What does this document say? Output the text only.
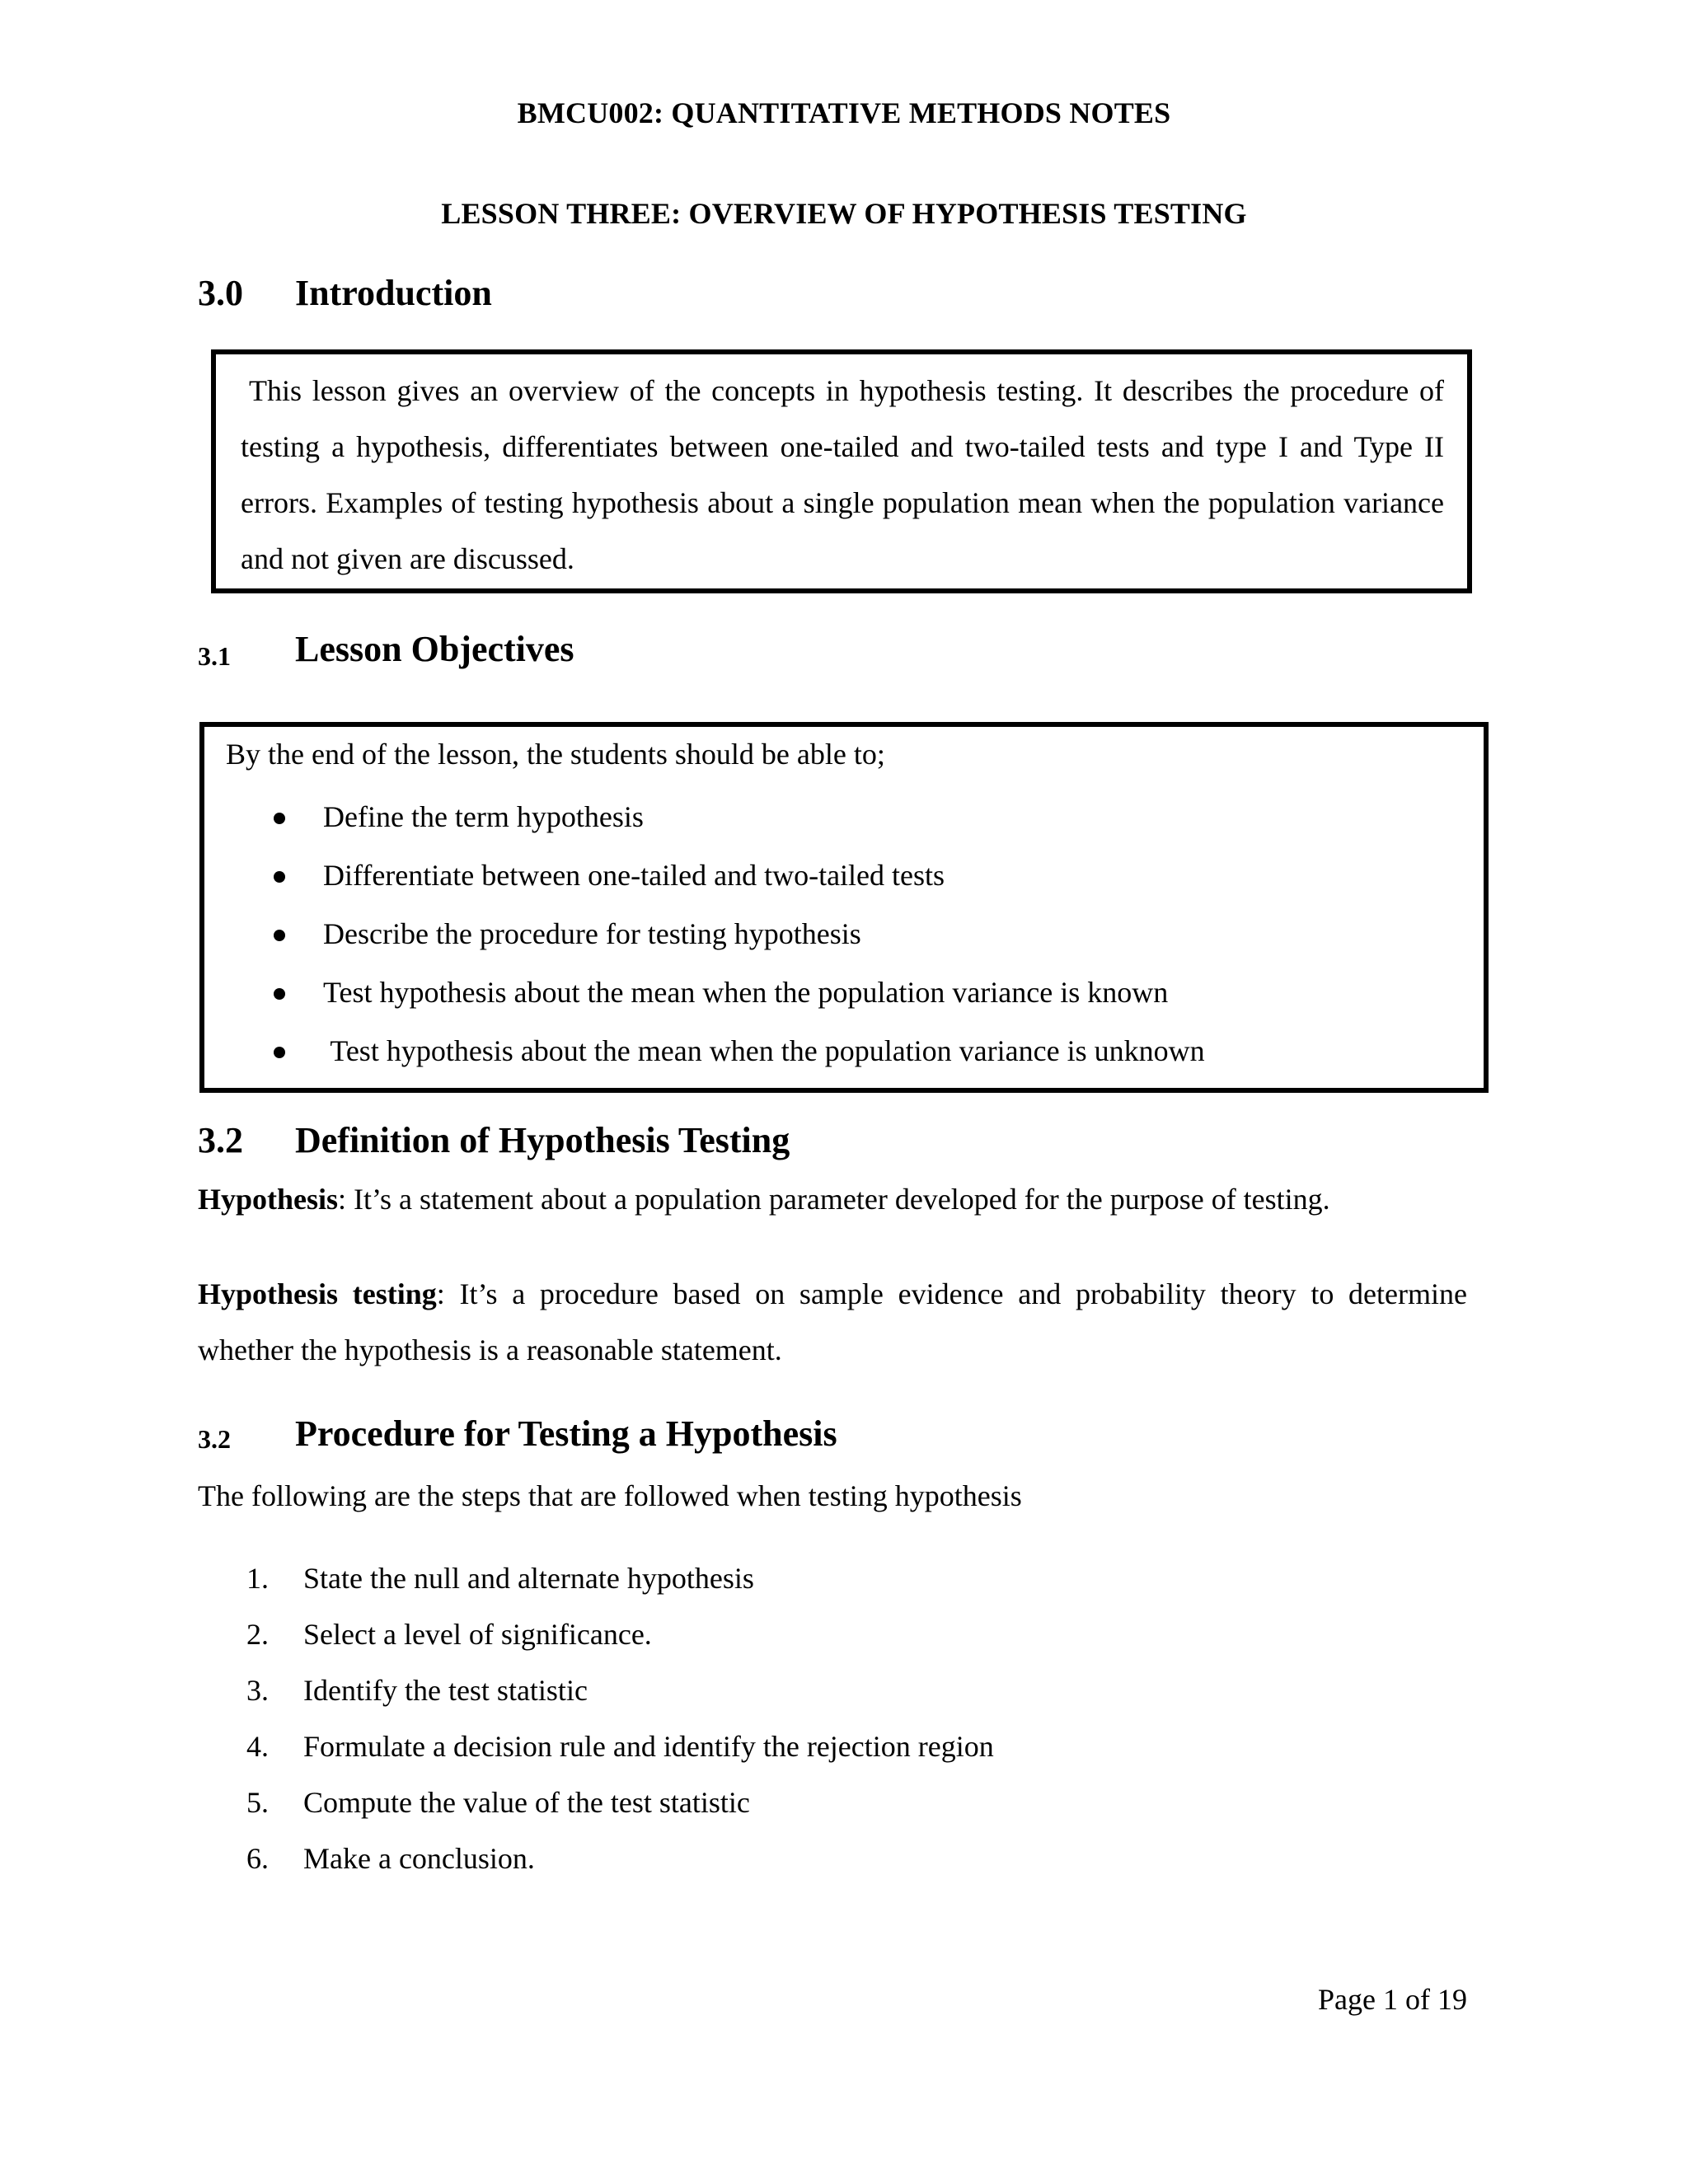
BMCU002: QUANTITATIVE METHODS NOTES
LESSON THREE: OVERVIEW OF HYPOTHESIS TESTING
3.0 Introduction
This lesson gives an overview of the concepts in hypothesis testing. It describes the procedure of testing a hypothesis, differentiates between one-tailed and two-tailed tests and type I and Type II errors. Examples of testing hypothesis about a single population mean when the population variance and not given are discussed.
3.1 Lesson Objectives
By the end of the lesson, the students should be able to;
Define the term hypothesis
Differentiate between one-tailed and two-tailed tests
Describe the procedure for testing hypothesis
Test hypothesis about the mean when the population variance is known
Test hypothesis about the mean when the population variance is unknown
3.2 Definition of Hypothesis Testing
Hypothesis: It’s a statement about a population parameter developed for the purpose of testing.
Hypothesis testing: It’s a procedure based on sample evidence and probability theory to determine whether the hypothesis is a reasonable statement.
3.2 Procedure for Testing a Hypothesis
The following are the steps that are followed when testing hypothesis
1. State the null and alternate hypothesis
2. Select a level of significance.
3. Identify the test statistic
4. Formulate a decision rule and identify the rejection region
5. Compute the value of the test statistic
6. Make a conclusion.
Page 1 of 19
